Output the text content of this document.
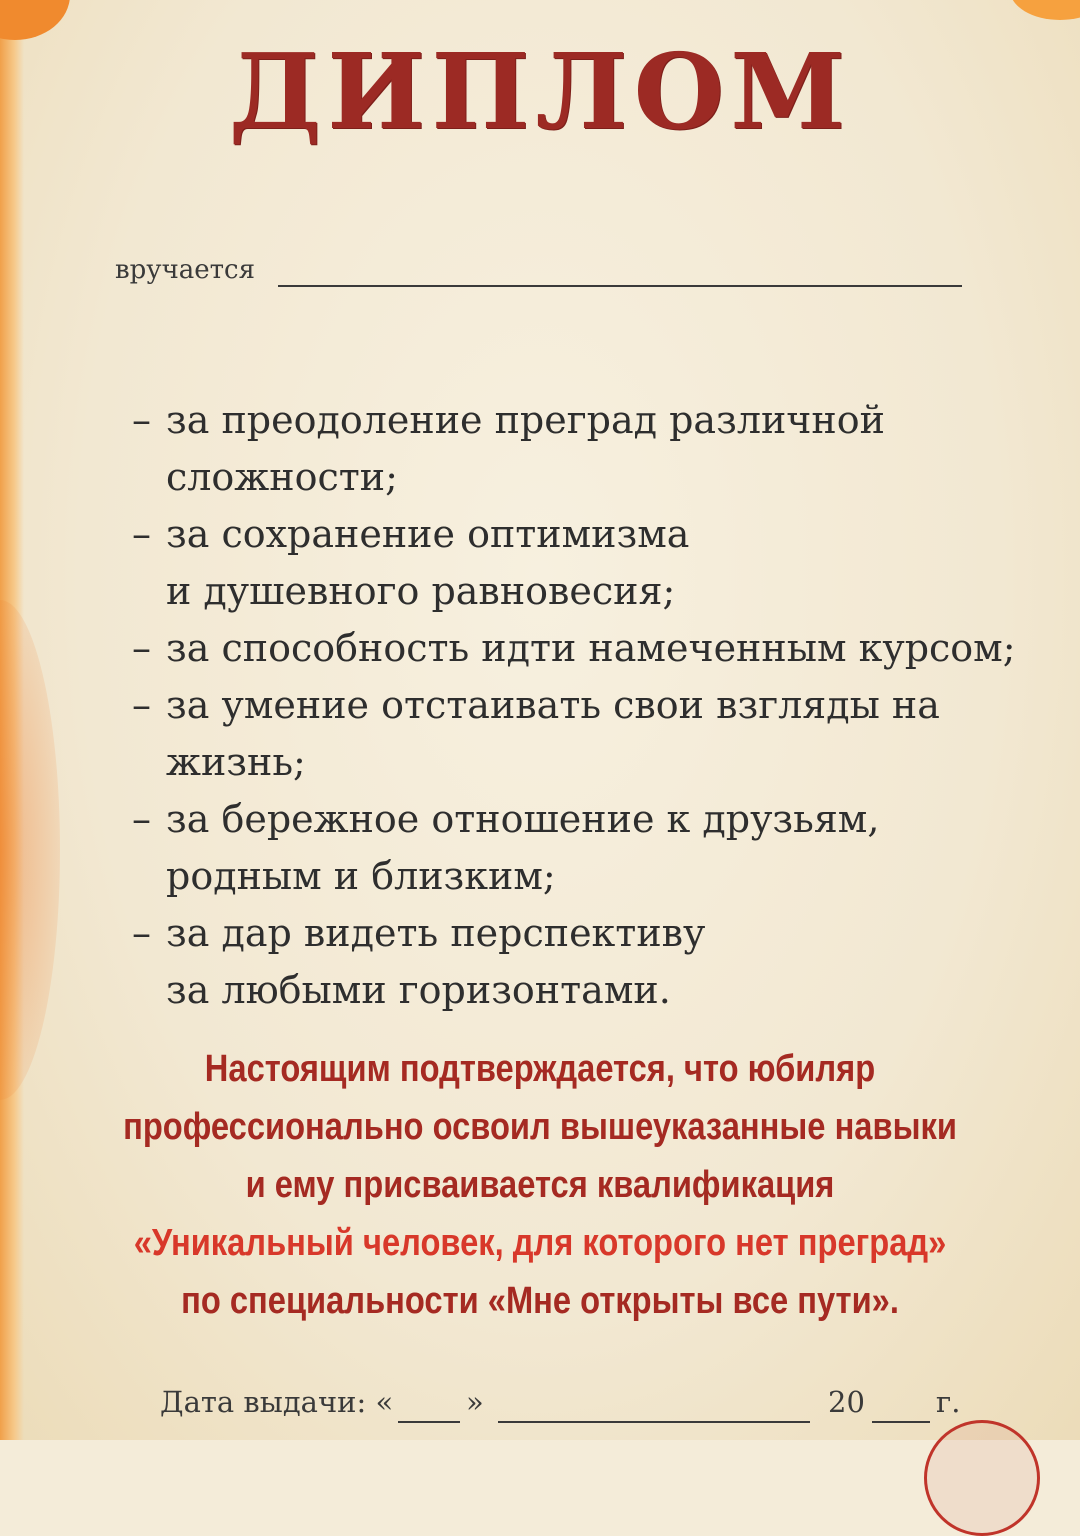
ДИПЛОМ
вручается
– за преодоление преград различной
сложности;
– за сохранение оптимизма
и душевного равновесия;
– за способность идти намеченным курсом;
– за умение отстаивать свои взгляды на жизнь;
– за бережное отношение к друзьям,
родным и близким;
– за дар видеть перспективу
за любыми горизонтами.
Настоящим подтверждается, что юбиляр
профессионально освоил вышеуказанные навыки
и ему присваивается квалификация
«Уникальный человек, для которого нет преград»
по специальности «Мне открыты все пути».
Дата выдачи: «	»	20 г.
